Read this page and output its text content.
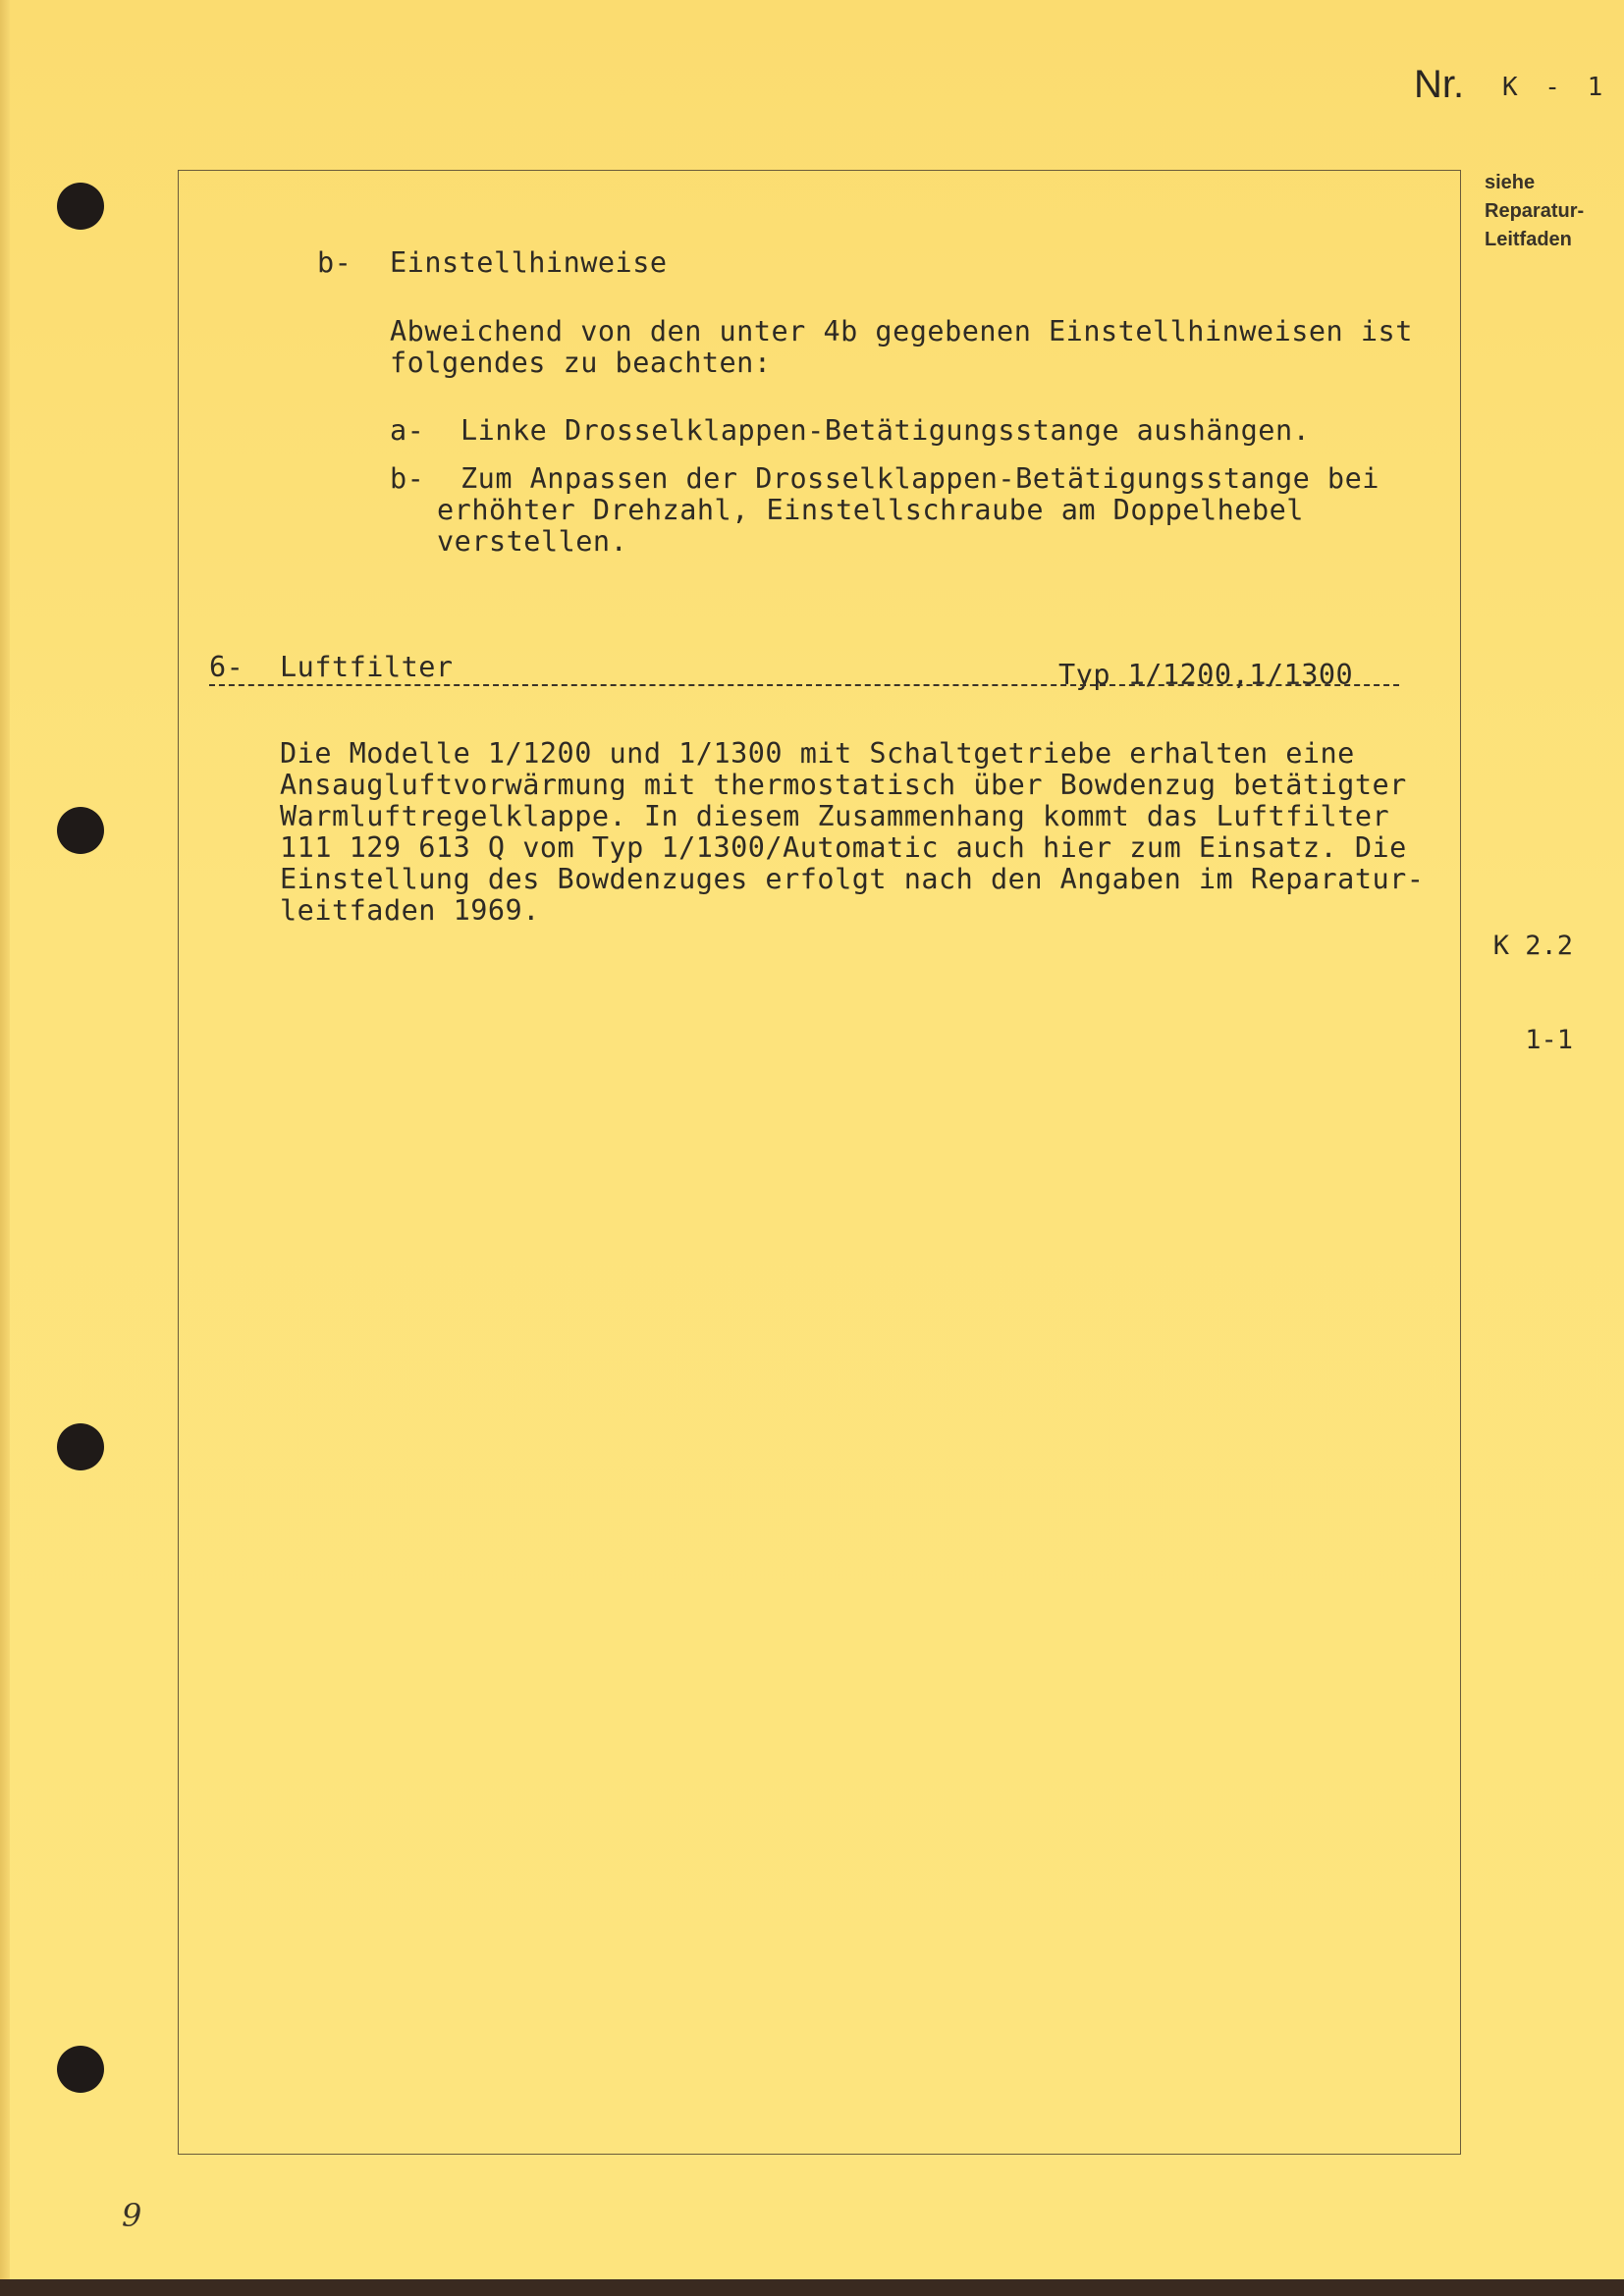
Nr. K - 1
siehe
Reparatur-
Leitfaden
b- Einstellhinweise
Abweichend von den unter 4b gegebenen Einstellhinweisen ist
folgendes zu beachten:
a- Linke Drosselklappen-Betätigungsstange aushängen.
b- Zum Anpassen der Drosselklappen-Betätigungsstange bei
erhöhter Drehzahl, Einstellschraube am Doppelhebel
verstellen.
6- Luftfilter	Typ 1/1200,1/1300
Die Modelle 1/1200 und 1/1300 mit Schaltgetriebe erhalten eine
Ansaugluftvorwärmung mit thermostatisch über Bowdenzug betätigter
Warmluftregelklappe. In diesem Zusammenhang kommt das Luftfilter
111 129 613 Q vom Typ 1/1300/Automatic auch hier zum Einsatz. Die
Einstellung des Bowdenzuges erfolgt nach den Angaben im Reparatur-
leitfaden 1969.

K 2.2

1-1

9
